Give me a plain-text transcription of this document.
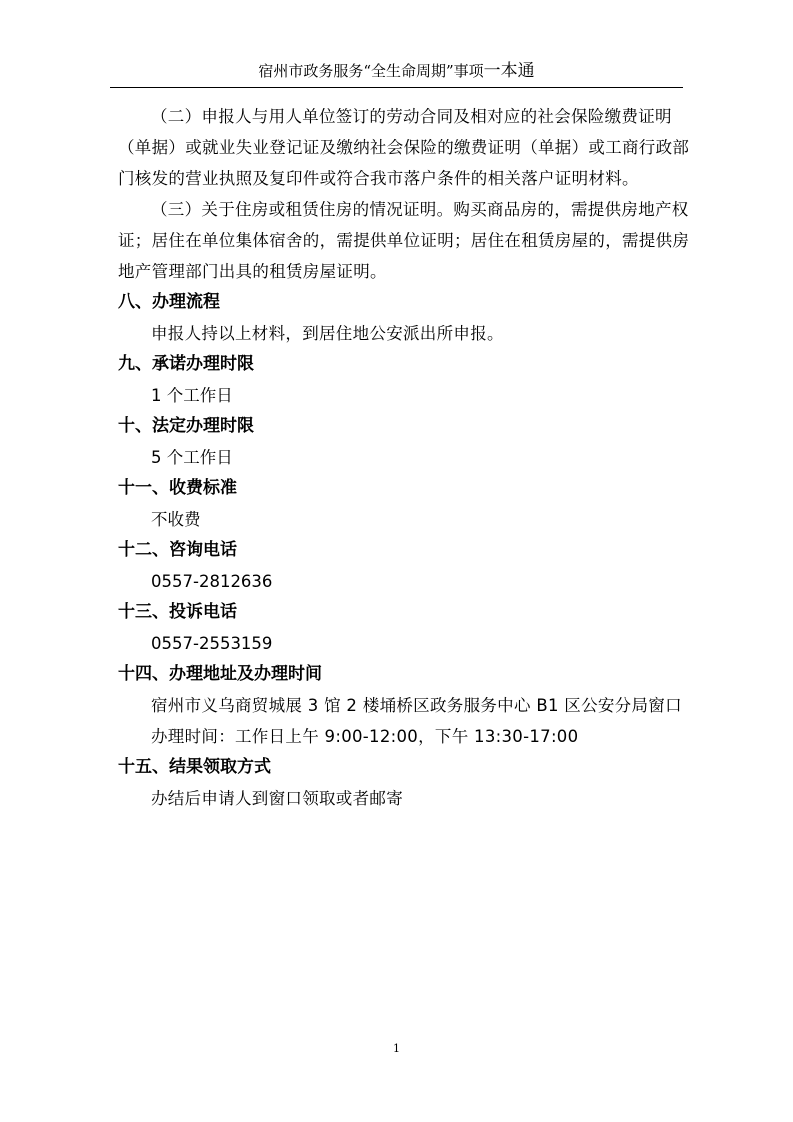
宿州市政务服务“全生命周期”事项一本通

（二）申报人与用人单位签订的劳动合同及相对应的社会保险缴费证明（单据）或就业失业登记证及缴纳社会保险的缴费证明（单据）或工商行政部门核发的营业执照及复印件或符合我市落户条件的相关落户证明材料。

（三）关于住房或租赁住房的情况证明。购买商品房的，需提供房地产权证；居住在单位集体宿舍的，需提供单位证明；居住在租赁房屋的，需提供房地产管理部门出具的租赁房屋证明。

八、办理流程

申报人持以上材料，到居住地公安派出所申报。

九、承诺办理时限

1 个工作日

十、法定办理时限

5 个工作日

十一、收费标准

不收费

十二、咨询电话

0557-2812636

十三、投诉电话

0557-2553159

十四、办理地址及办理时间

宿州市义乌商贸城展 3 馆 2 楼埇桥区政务服务中心 B1 区公安分局窗口

办理时间：工作日上午 9:00-12:00，下午 13:30-17:00

十五、结果领取方式

办结后申请人到窗口领取或者邮寄

1
